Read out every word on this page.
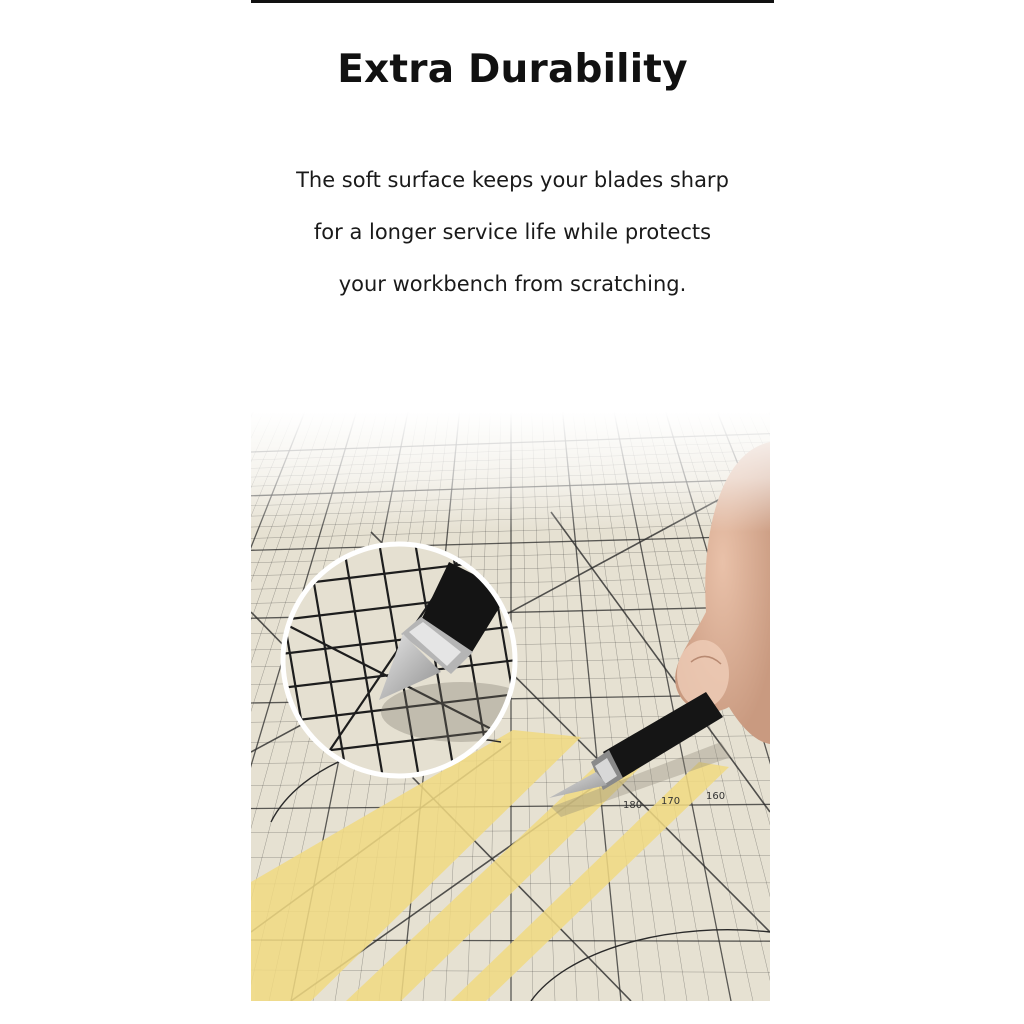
Extra Durability
The soft surface keeps your blades sharp
for a longer service life while protects
your workbench from scratching.
160
170
180
